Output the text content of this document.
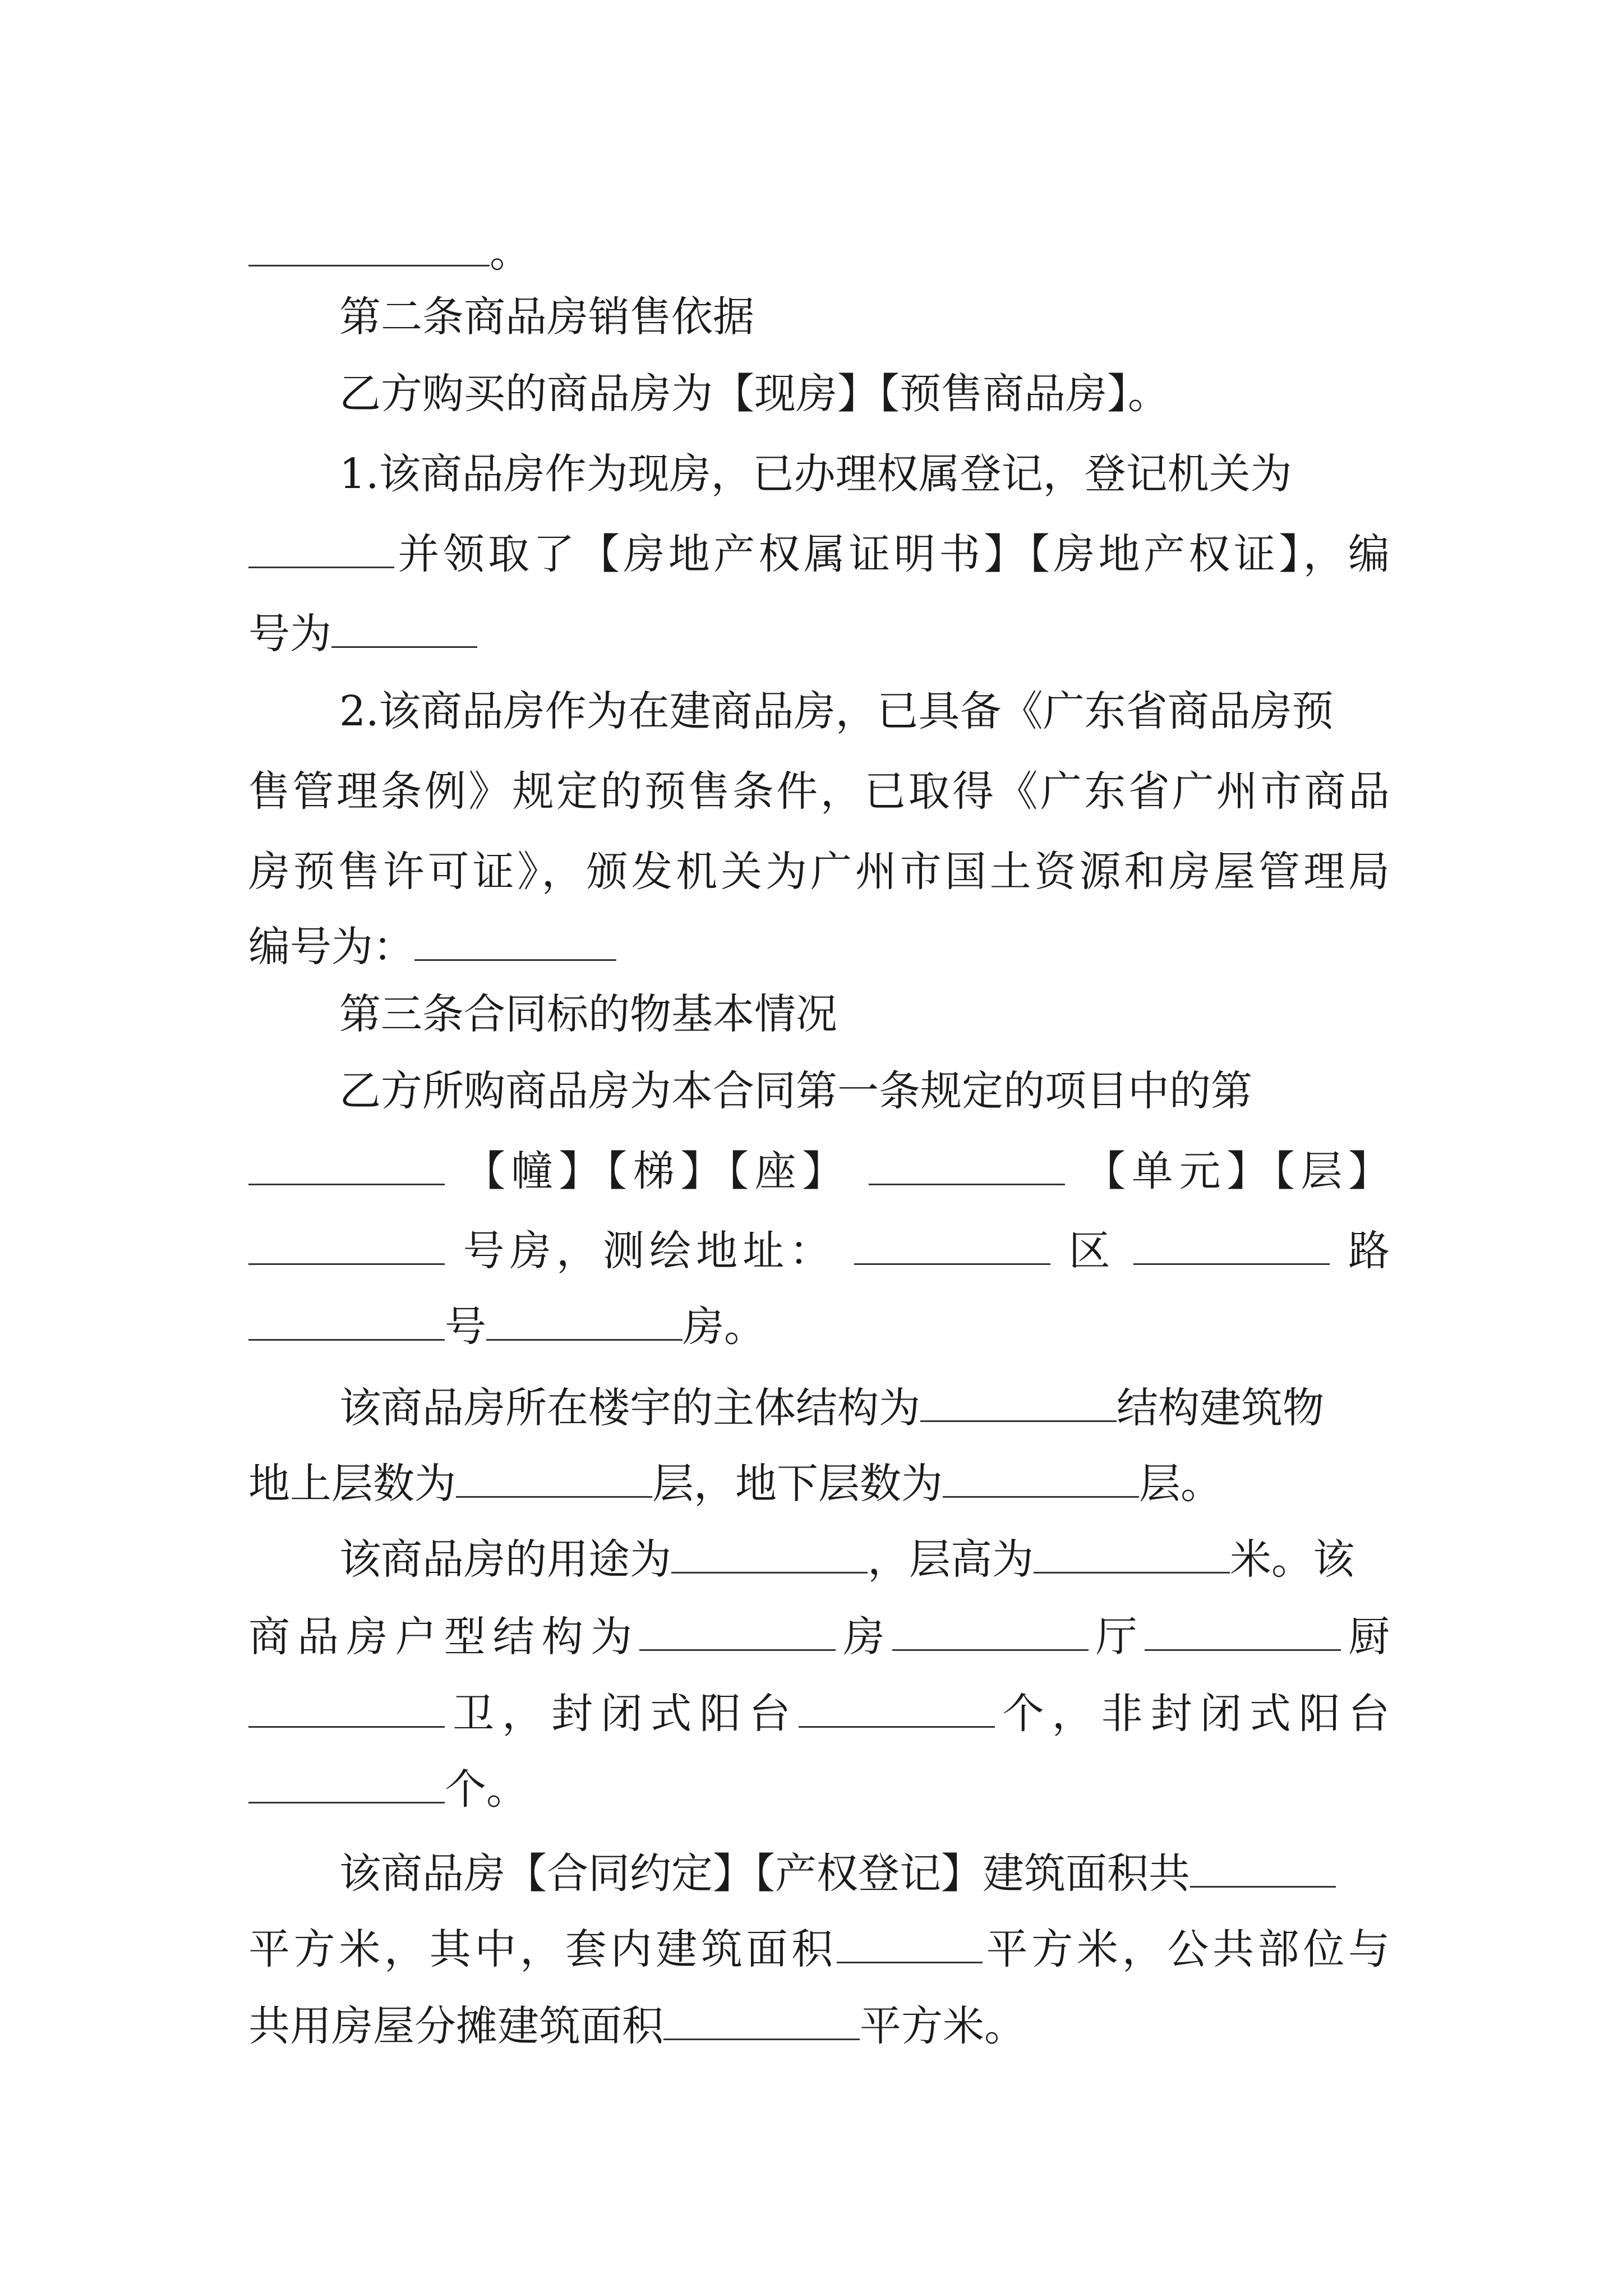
。
第二条商品房销售依据
乙方购买的商品房为【现房】【预售商品房】。
1.该商品房作为现房，已办理权属登记，登记机关为
并领取了【房地产权属证明书】【房地产权证】，编
号为
2.该商品房作为在建商品房，已具备《广东省商品房预
售管理条例》规定的预售条件，已取得《广东省广州市商品
房预售许可证》，颁发机关为广州市国土资源和房屋管理局
编号为：
第三条合同标的物基本情况
乙方所购商品房为本合同第一条规定的项目中的第
【幢】【梯】【座】	【单元】【层】
号房，测绘地址：	区	路
号	房。
该商品房所在楼宇的主体结构为	结构建筑物
地上层数为	层，地下层数为	层。
该商品房的用途为	，层高为	米。该
商品房户型结构为	房	厅	厨
卫，封闭式阳台	个，非封闭式阳台
个。
该商品房【合同约定】【产权登记】建筑面积共
平方米，其中，套内建筑面积	平方米，公共部位与
共用房屋分摊建筑面积	平方米。
